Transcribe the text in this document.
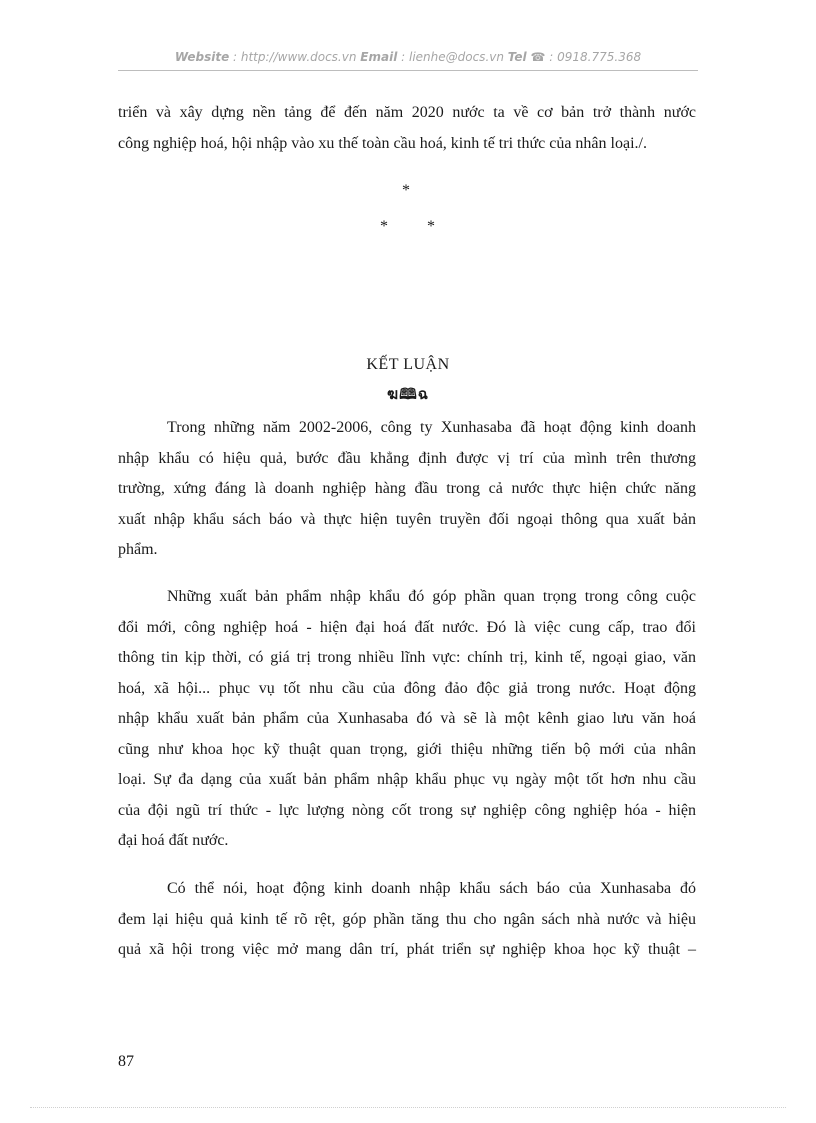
Website : http://www.docs.vn Email : lienhe@docs.vn Tel ☎ : 0918.775.368
triển và xây dựng nền tảng để đến năm 2020 nước ta về cơ bản trở thành nước
công nghiệp hoá, hội nhập vào xu thế toàn cầu hoá, kinh tế tri thức của nhân loại./.
*
* *
KẾT LUẬN
ฆ🕮ฉ
Trong những năm 2002-2006, công ty Xunhasaba đã hoạt động kinh doanh
nhập khẩu có hiệu quả, bước đầu khẳng định được vị trí của mình trên thương
trường, xứng đáng là doanh nghiệp hàng đầu trong cả nước thực hiện chức năng
xuất nhập khẩu sách báo và thực hiện tuyên truyền đối ngoại thông qua xuất bản
phẩm.
Những xuất bản phẩm nhập khẩu đó góp phần quan trọng trong công cuộc
đổi mới, công nghiệp hoá - hiện đại hoá đất nước. Đó là việc cung cấp, trao đổi
thông tin kịp thời, có giá trị trong nhiều lĩnh vực: chính trị, kinh tế, ngoại giao, văn
hoá, xã hội... phục vụ tốt nhu cầu của đông đảo độc giả trong nước. Hoạt động
nhập khẩu xuất bản phẩm của Xunhasaba đó và sẽ là một kênh giao lưu văn hoá
cũng như khoa học kỹ thuật quan trọng, giới thiệu những tiến bộ mới của nhân
loại. Sự đa dạng của xuất bản phẩm nhập khẩu phục vụ ngày một tốt hơn nhu cầu
của đội ngũ trí thức - lực lượng nòng cốt trong sự nghiệp công nghiệp hóa - hiện
đại hoá đất nước.
Có thể nói, hoạt động kinh doanh nhập khẩu sách báo của Xunhasaba đó
đem lại hiệu quả kinh tế rõ rệt, góp phần tăng thu cho ngân sách nhà nước và hiệu
quả xã hội trong việc mở mang dân trí, phát triển sự nghiệp khoa học kỹ thuật –
87
